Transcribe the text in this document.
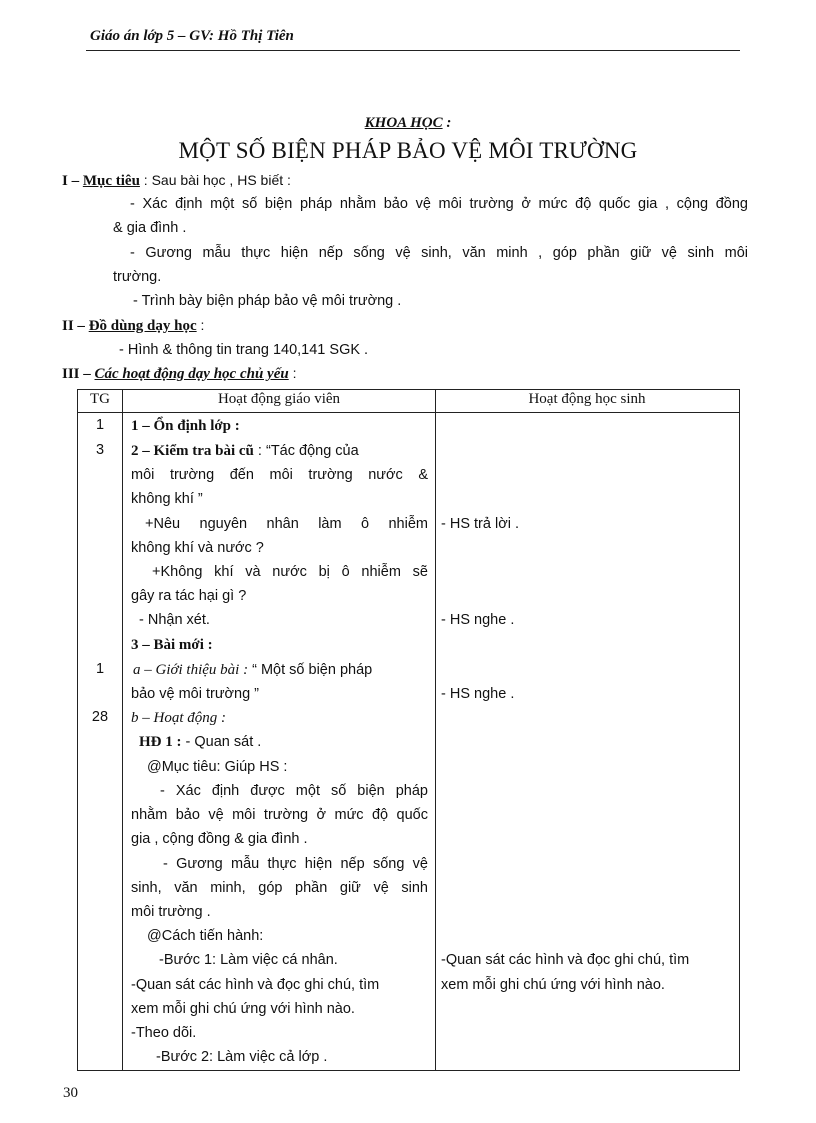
Giáo án lớp 5 – GV: Hồ Thị Tiên
KHOA HỌC :
MỘT SỐ BIỆN PHÁP BẢO VỆ MÔI TRƯỜNG
I – Mục tiêu : Sau bài học , HS biết :
- Xác định một số biện pháp nhằm bảo vệ môi trường ở mức độ quốc gia , cộng đồng
& gia đình .
- Gương mẫu thực hiện nếp sống vệ sinh, văn minh , góp phần giữ vệ sinh môi
trường.
- Trình bày biện pháp bảo vệ môi trường .
II – Đồ dùng dạy học :
- Hình & thông tin trang 140,141 SGK .
III – Các hoạt động dạy học chủ yếu :
TG	Hoạt động giáo viên	Hoạt động học sinh
1
3
1
28
1 – Ổn định lớp :
2 – Kiểm tra bài cũ : “Tác động của
môi trường đến môi trường nước &
không khí ”
+Nêu nguyên nhân làm ô nhiễm
không khí và nước ?
+Không khí và nước bị ô nhiễm sẽ
gây ra tác hại gì ?
- Nhận xét.
3 – Bài mới :
a – Giới thiệu bài : “ Một số biện pháp
bảo vệ môi trường ”
b – Hoạt động :
HĐ 1 : - Quan sát .
@Mục tiêu: Giúp HS :
- Xác định được một số biện pháp
nhằm bảo vệ môi trường ở mức độ quốc
gia , cộng đồng & gia đình .
- Gương mẫu thực hiện nếp sống vệ
sinh, văn minh, góp phần giữ vệ sinh
môi trường .
@Cách tiến hành:
-Bước 1: Làm việc cá nhân.
-Quan sát các hình và đọc ghi chú, tìm
xem mỗi ghi chú ứng với hình nào.
-Theo dõi.
-Bước 2: Làm việc cả lớp .
- HS trả lời .
- HS nghe .
- HS nghe .
-Quan sát các hình và đọc ghi chú, tìm
xem mỗi ghi chú ứng với hình nào.
30
